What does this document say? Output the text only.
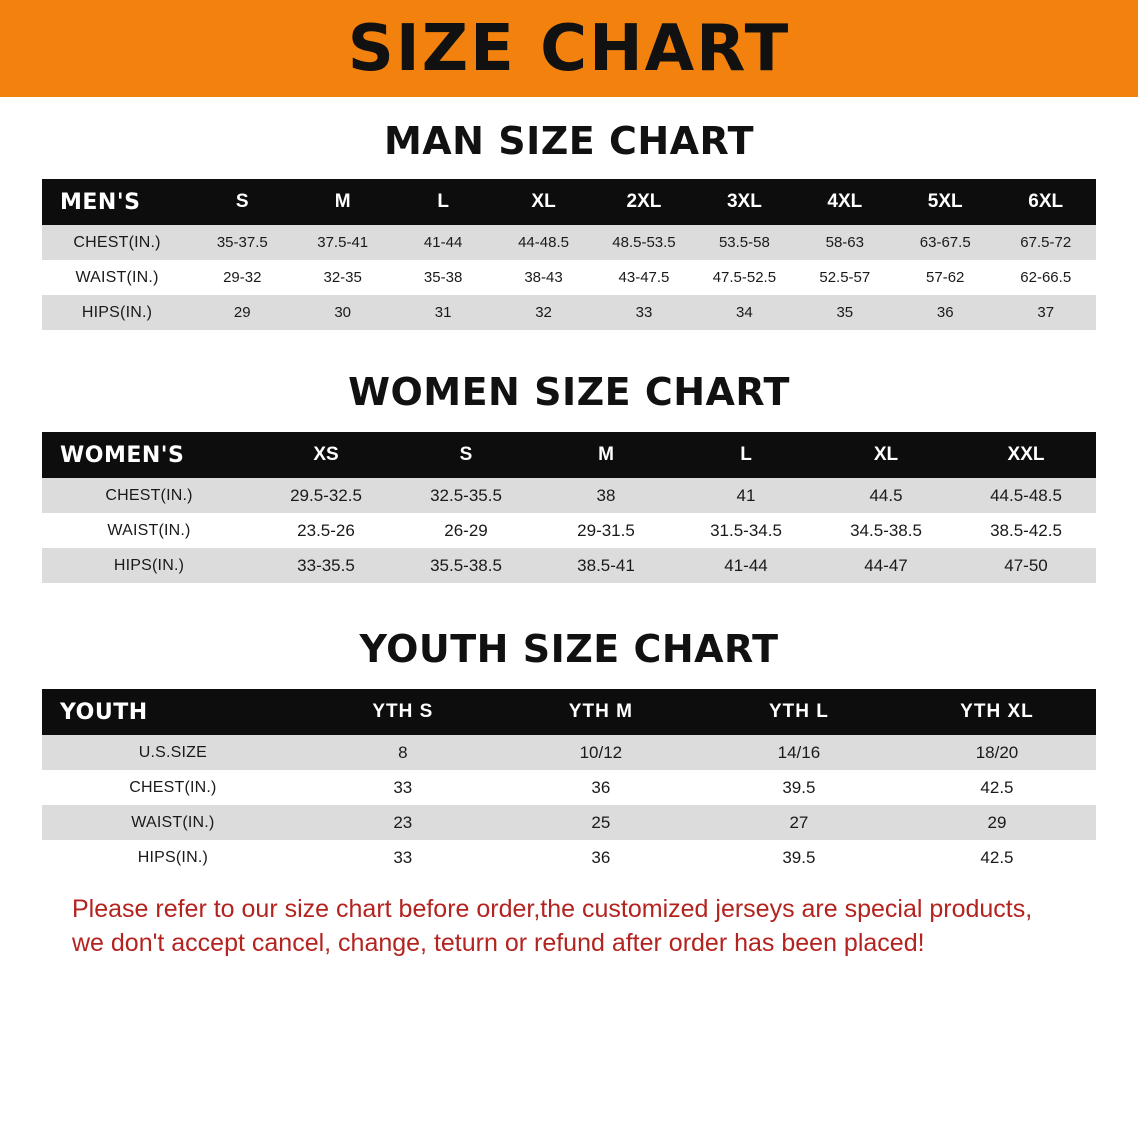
SIZE CHART
MAN SIZE CHART
MEN'S	S	M	L	XL	2XL	3XL	4XL	5XL	6XL
CHEST(IN.)	35-37.5	37.5-41	41-44	44-48.5	48.5-53.5	53.5-58	58-63	63-67.5	67.5-72
WAIST(IN.)	29-32	32-35	35-38	38-43	43-47.5	47.5-52.5	52.5-57	57-62	62-66.5
HIPS(IN.)	29	30	31	32	33	34	35	36	37
WOMEN SIZE CHART
WOMEN'S	XS	S	M	L	XL	XXL
CHEST(IN.)	29.5-32.5	32.5-35.5	38	41	44.5	44.5-48.5
WAIST(IN.)	23.5-26	26-29	29-31.5	31.5-34.5	34.5-38.5	38.5-42.5
HIPS(IN.)	33-35.5	35.5-38.5	38.5-41	41-44	44-47	47-50
YOUTH SIZE CHART
YOUTH	YTH S	YTH M	YTH L	YTH XL
U.S.SIZE	8	10/12	14/16	18/20
CHEST(IN.)	33	36	39.5	42.5
WAIST(IN.)	23	25	27	29
HIPS(IN.)	33	36	39.5	42.5

Please refer to our size chart before order,the customized jerseys are special products, we don't accept cancel, change, teturn or refund after order has been placed!
